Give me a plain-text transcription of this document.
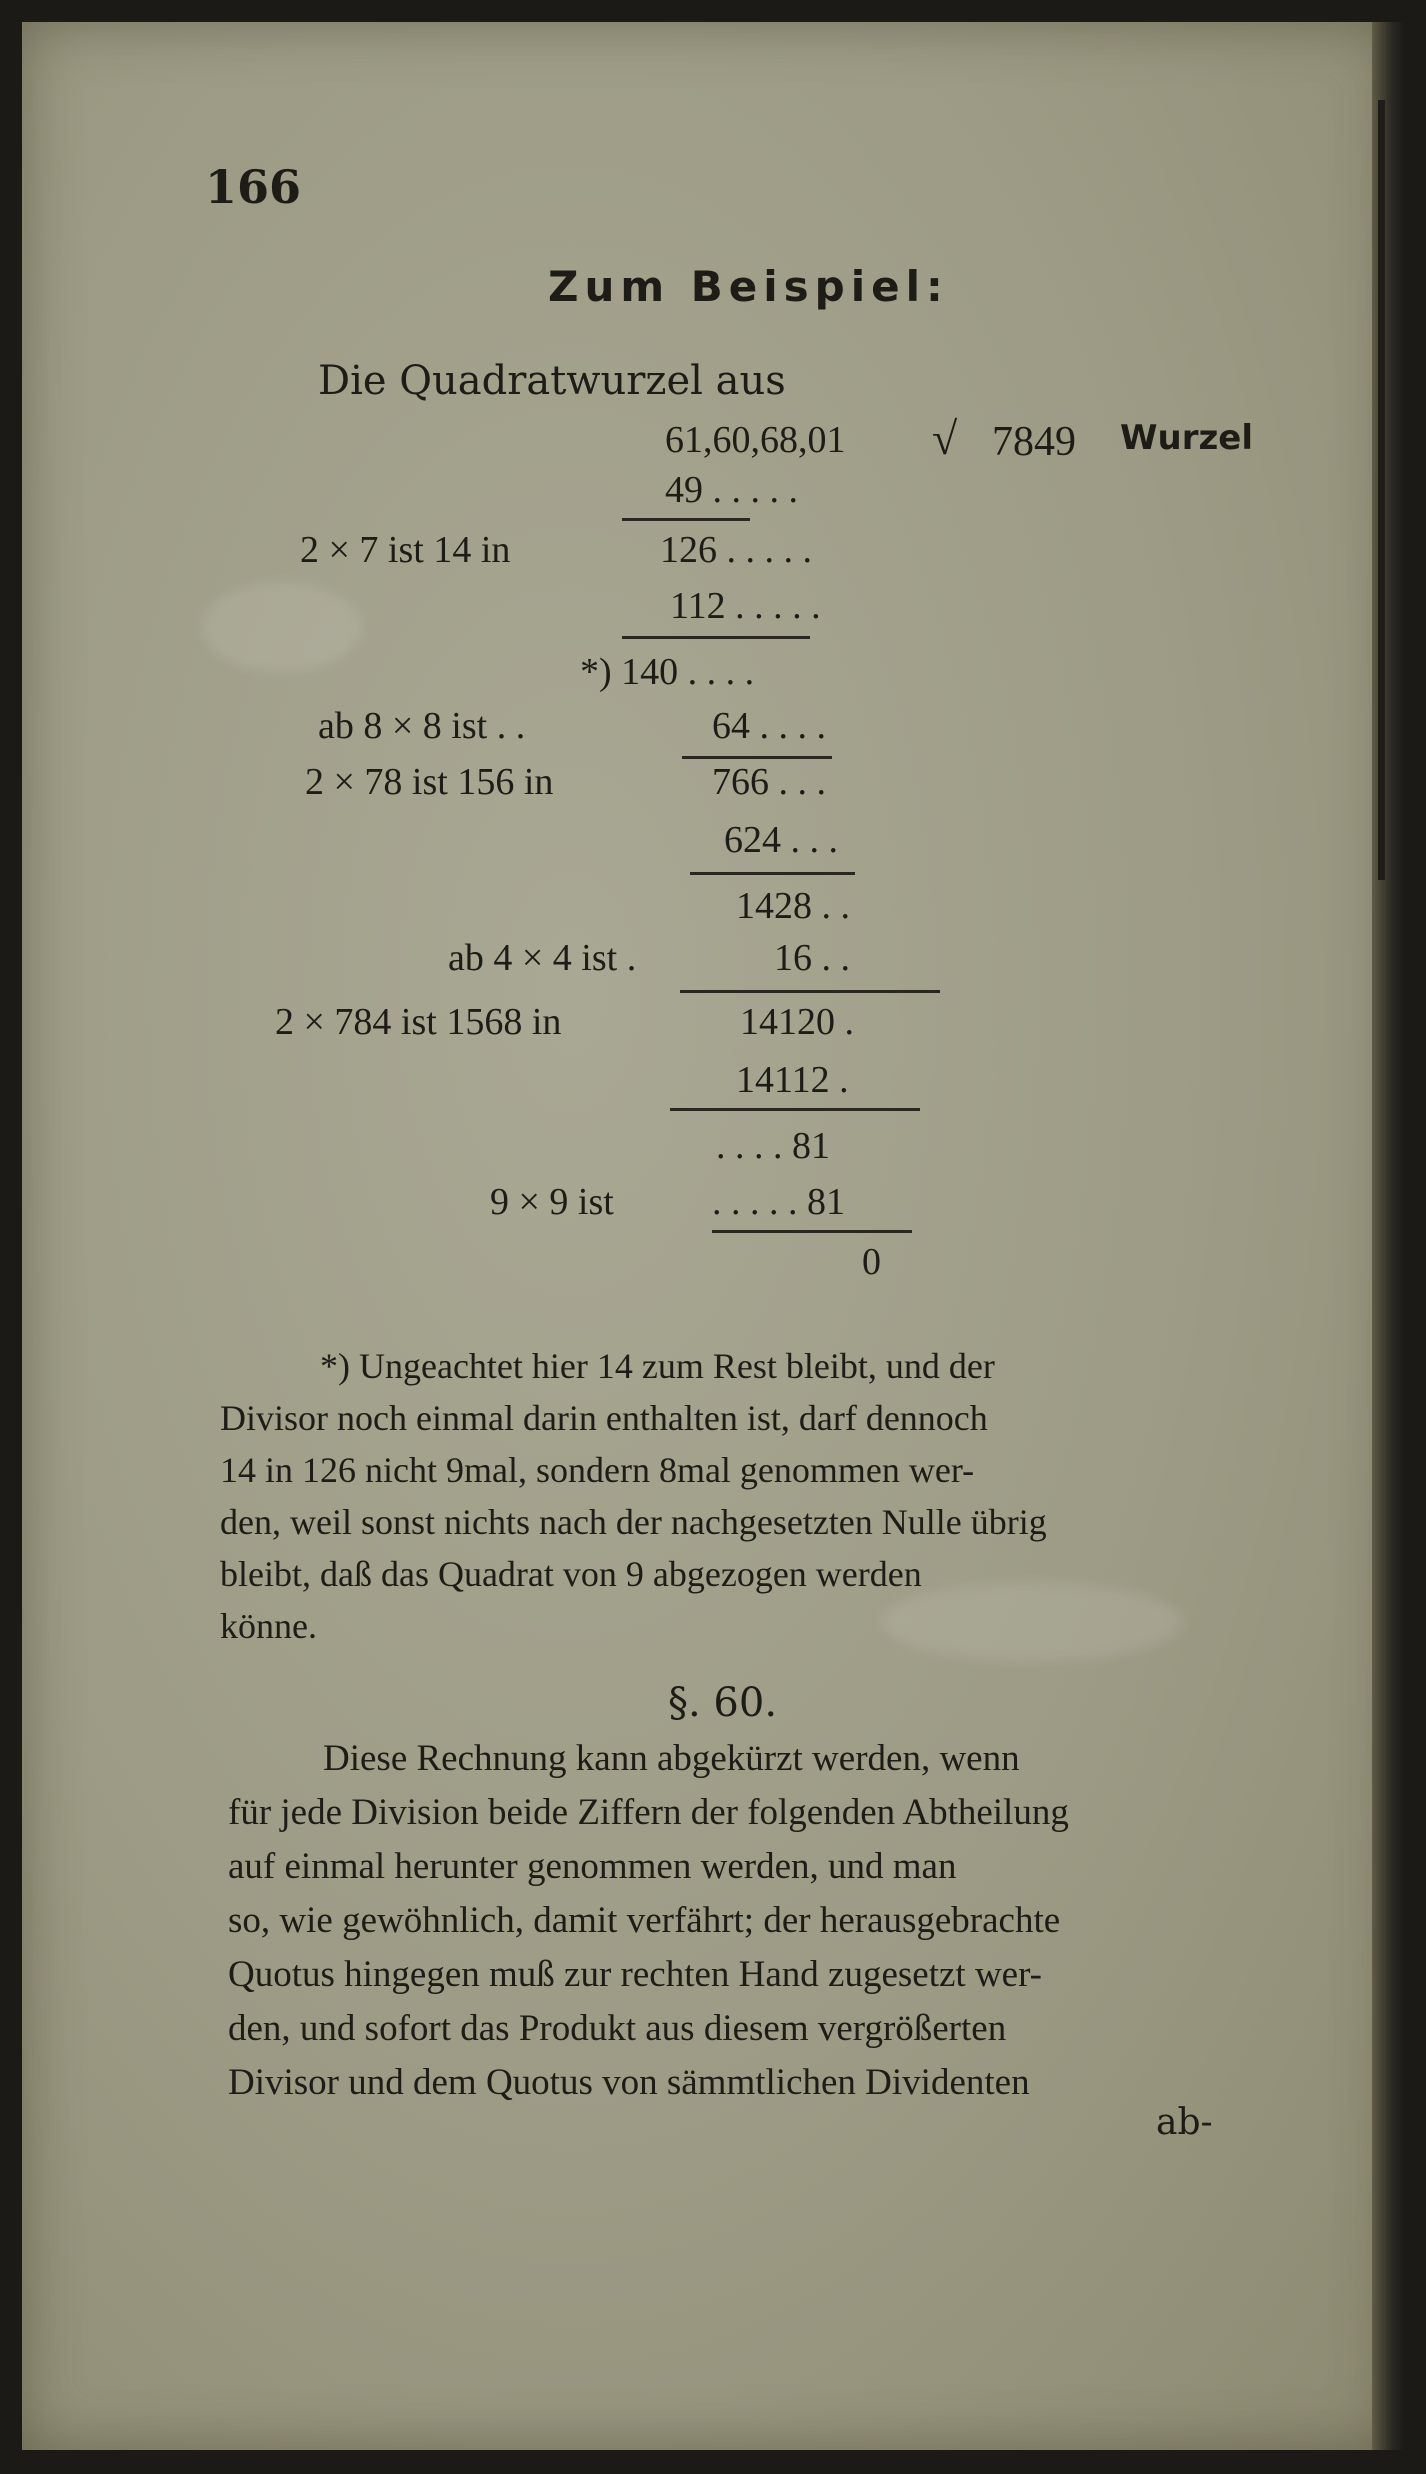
166
Zum Beispiel:
Die Quadratwurzel aus
61,60,68,01 √ 7849 Wurzel
49 . . . . .
2 × 7 ist 14 in	126 . . . . .
112 . . . . .
*) 140 . . . .
ab 8 × 8 ist . .	64 . . . .
2 × 78 ist 156 in	766 . . .
624 . . .
1428 . .
ab 4 × 4 ist .	16 . .
2 × 784 ist 1568 in	14120 .
14112 .
. . . . 81
9 × 9 ist	. . . . . 81
0
*) Ungeachtet hier 14 zum Rest bleibt, und der
Divisor noch einmal darin enthalten ist, darf dennoch
14 in 126 nicht 9mal, sondern 8mal genommen wer-
den, weil sonst nichts nach der nachgesetzten Nulle übrig
bleibt, daß das Quadrat von 9 abgezogen werden
könne.
§. 60.
Diese Rechnung kann abgekürzt werden, wenn
für jede Division beide Ziffern der folgenden Abtheilung
auf einmal herunter genommen werden, und man
so, wie gewöhnlich, damit verfährt; der herausgebrachte
Quotus hingegen muß zur rechten Hand zugesetzt wer-
den, und sofort das Produkt aus diesem vergrößerten
Divisor und dem Quotus von sämmtlichen Dividenten
ab-
